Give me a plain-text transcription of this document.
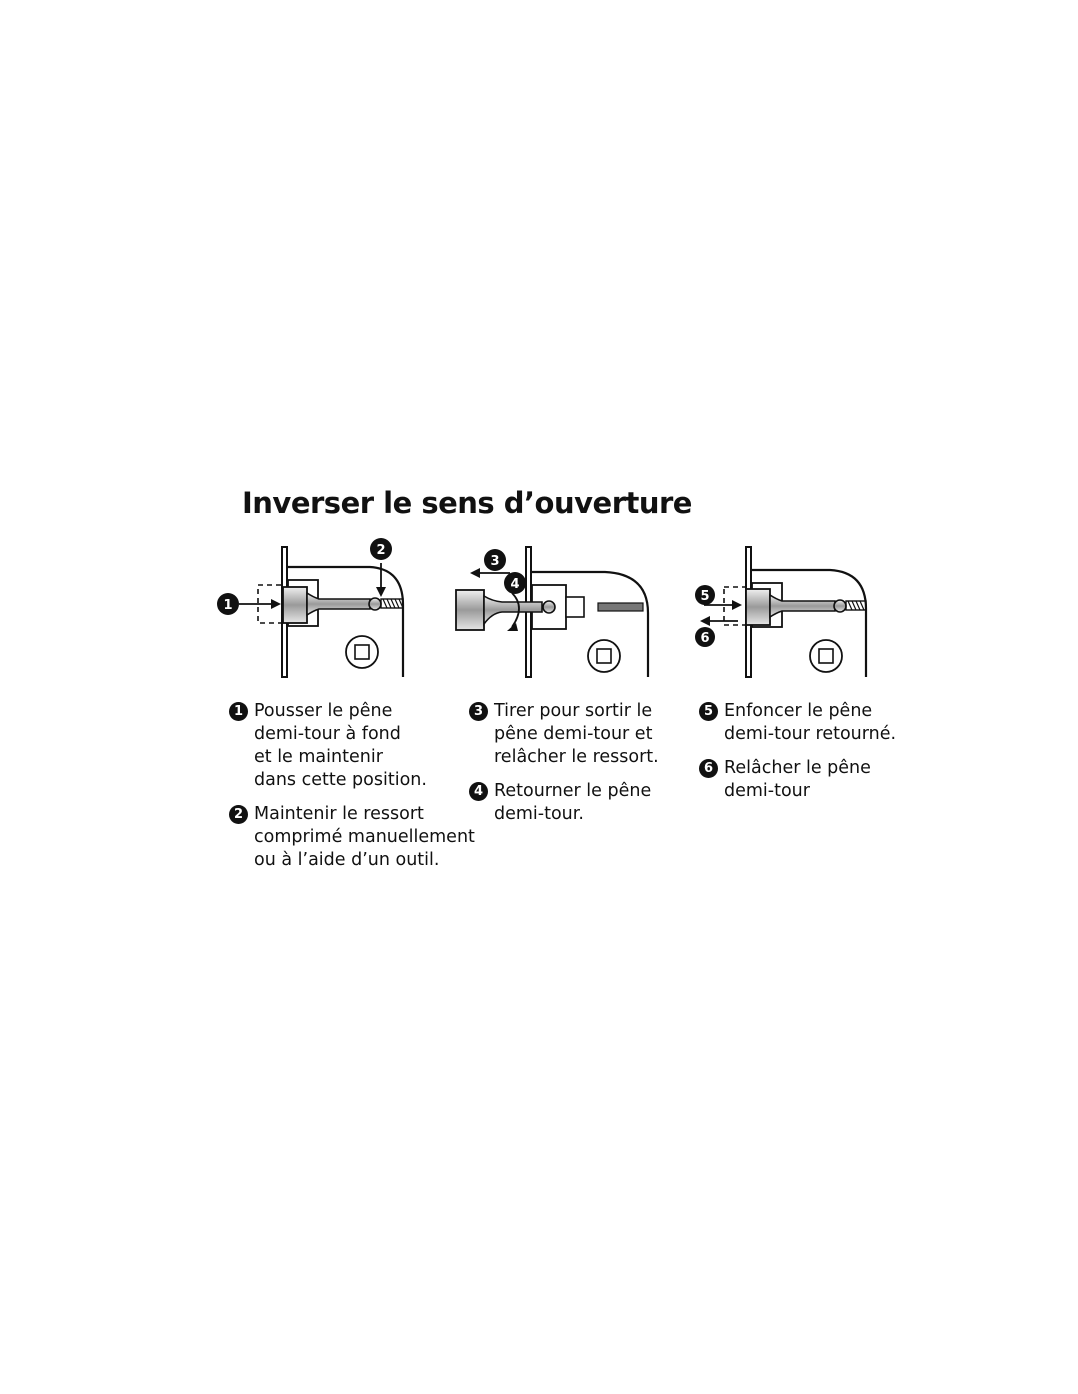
Inverser le sens d’ouverture
1
2
3
4
5
6
1 Pousser le pêne
demi-tour à fond
et le maintenir
dans cette position.
2 Maintenir le ressort
comprimé manuellement
ou à l’aide d’un outil.
3 Tirer pour sortir le
pêne demi-tour et
relâcher le ressort.
4 Retourner le pêne
demi-tour.
5 Enfoncer le pêne
demi-tour retourné.
6 Relâcher le pêne
demi-tour
